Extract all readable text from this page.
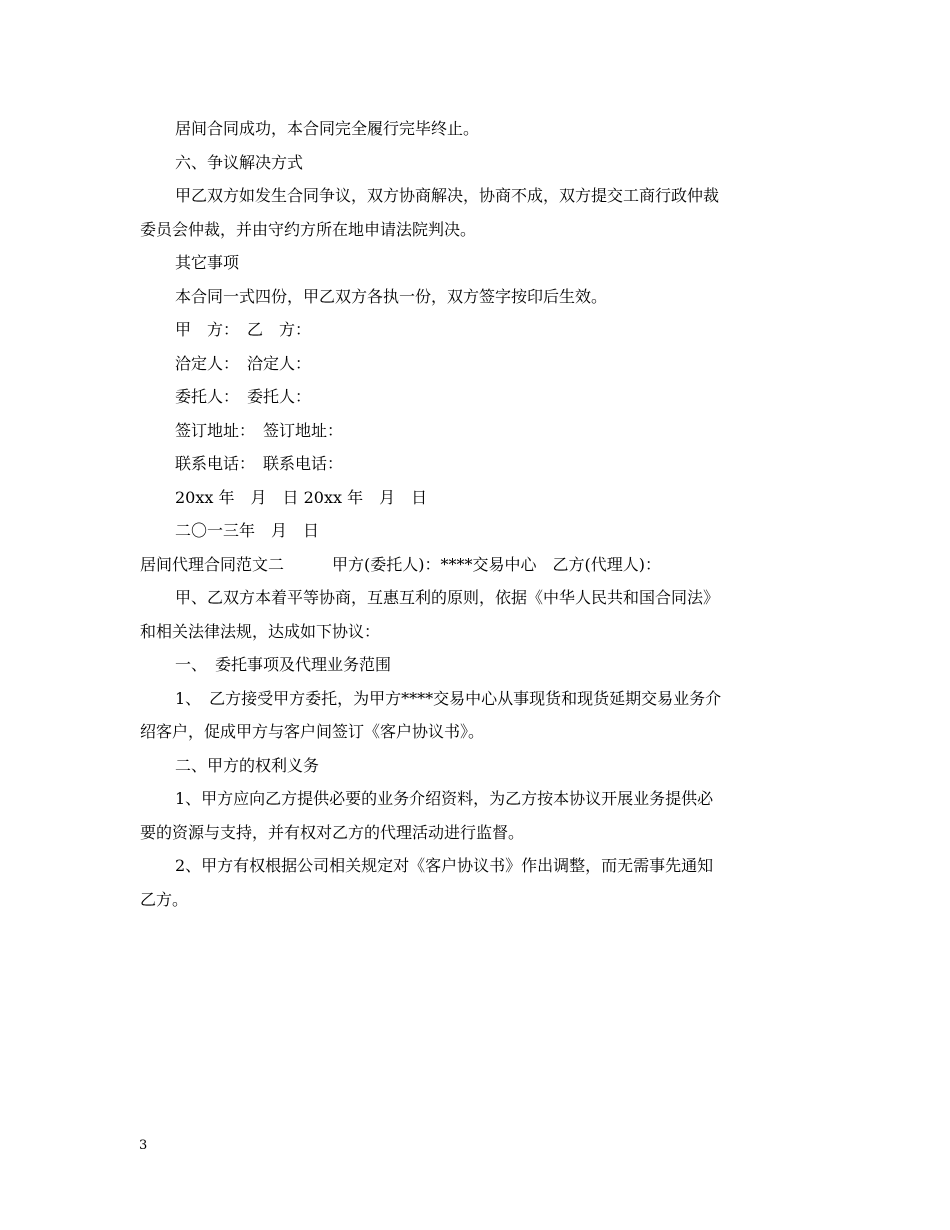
居间合同成功，本合同完全履行完毕终止。
六、争议解决方式
甲乙双方如发生合同争议，双方协商解决，协商不成，双方提交工商行政仲裁
委员会仲裁，并由守约方所在地申请法院判决。
其它事项
本合同一式四份，甲乙双方各执一份，双方签字按印后生效。
甲　方：　乙　方：
洽定人：　洽定人：
委托人：　委托人：
签订地址：　签订地址：
联系电话：　联系电话：
20xx 年　月　日 20xx 年　月　日
二〇一三年　月　日
居间代理合同范文二　　　甲方(委托人)：****交易中心　乙方(代理人)：
甲、乙双方本着平等协商，互惠互利的原则，依据《中华人民共和国合同法》
和相关法律法规，达成如下协议：
一、　委托事项及代理业务范围
1、　乙方接受甲方委托，为甲方****交易中心从事现货和现货延期交易业务介
绍客户，促成甲方与客户间签订《客户协议书》。
二、甲方的权利义务
1、甲方应向乙方提供必要的业务介绍资料，为乙方按本协议开展业务提供必
要的资源与支持，并有权对乙方的代理活动进行监督。
2、甲方有权根据公司相关规定对《客户协议书》作出调整，而无需事先通知
乙方。
3
